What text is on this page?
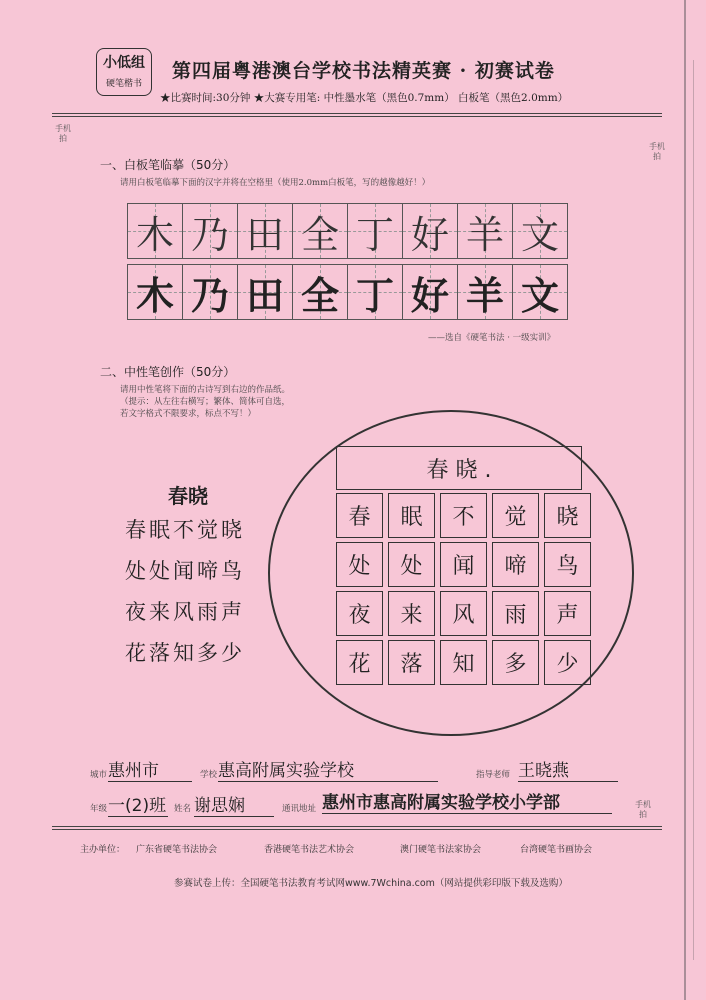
小低组
硬笔楷书
第四届粤港澳台学校书法精英赛 · 初赛试卷
★比赛时间:30分钟 ★大赛专用笔: 中性墨水笔（黑色0.7mm） 白板笔（黑色2.0mm）
手机拍
手机拍
手机拍
一、白板笔临摹（50分）
请用白板笔临摹下面的汉字并将在空格里（使用2.0mm白板笔，写的越像越好！）
木 乃 田 全 丁 好 羊 文
木 乃 田 全 丁 好 羊 文
——选自《硬笔书法 · 一级实训》
二、中性笔创作（50分）
请用中性笔将下面的古诗写到右边的作品纸。
（提示：从左往右横写；繁体、简体可自选，
若文字格式不限要求，标点不写！）
春晓
春眠不觉晓
处处闻啼鸟
夜来风雨声
花落知多少
春 晓 .
春	眠	不	觉	晓
处	处	闻	啼	鸟
夜	来	风	雨	声
花	落	知	多	少
城市 惠州市	学校 惠高附属实验学校	指导老师 王晓燕
年级 一(2)班 姓名 谢思娴	通讯地址 惠州市惠高附属实验学校小学部
主办单位： 广东省硬笔书法协会	香港硬笔书法艺术协会	澳门硬笔书法家协会	台湾硬笔书画协会
参赛试卷上传：全国硬笔书法教育考试网www.7Wchina.com（网站提供彩印版下载及选购）
